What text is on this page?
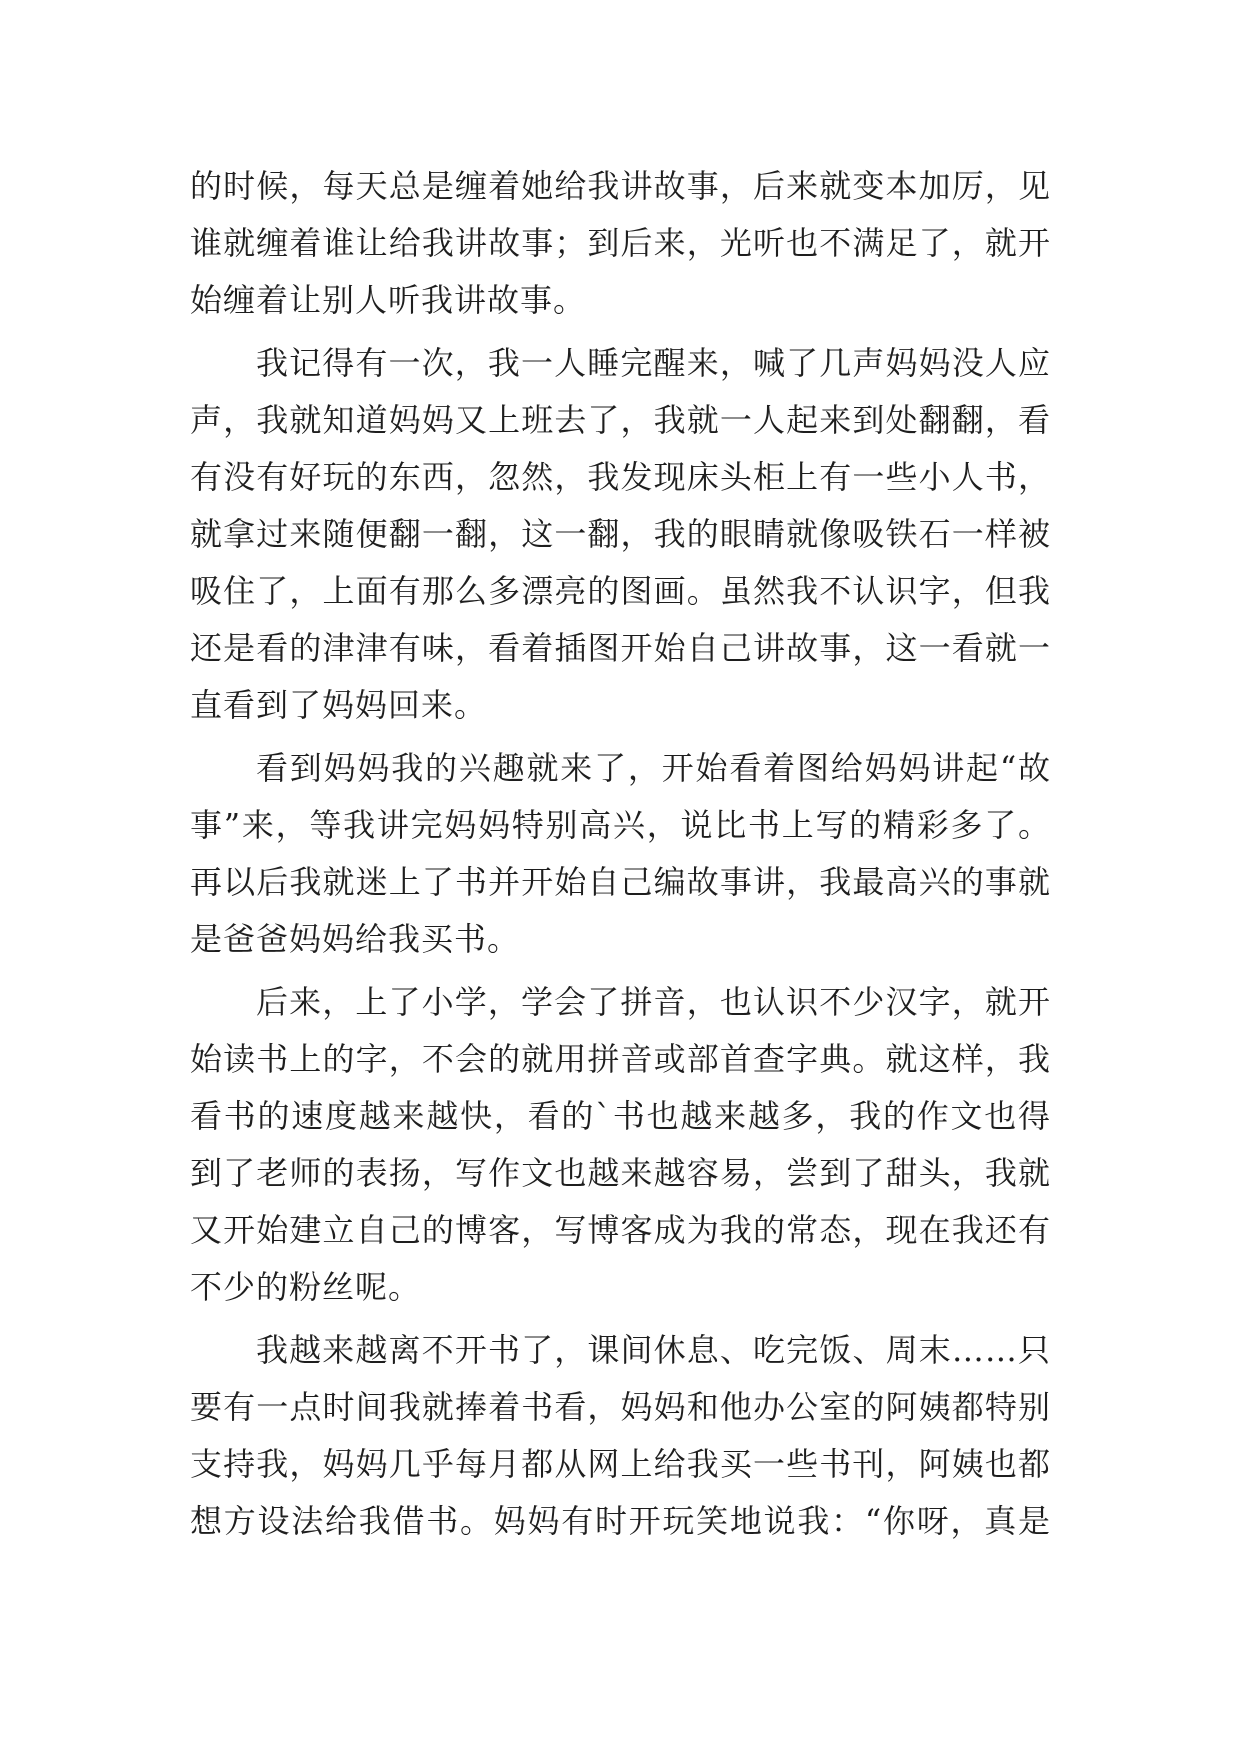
的时候，每天总是缠着她给我讲故事，后来就变本加厉，见
谁就缠着谁让给我讲故事；到后来，光听也不满足了，就开
始缠着让别人听我讲故事。
我记得有一次，我一人睡完醒来，喊了几声妈妈没人应
声，我就知道妈妈又上班去了，我就一人起来到处翻翻，看
有没有好玩的东西，忽然，我发现床头柜上有一些小人书，
就拿过来随便翻一翻，这一翻，我的眼睛就像吸铁石一样被
吸住了，上面有那么多漂亮的图画。虽然我不认识字，但我
还是看的津津有味，看着插图开始自己讲故事，这一看就一
直看到了妈妈回来。
看到妈妈我的兴趣就来了，开始看着图给妈妈讲起“故
事”来，等我讲完妈妈特别高兴，说比书上写的精彩多了。
再以后我就迷上了书并开始自己编故事讲，我最高兴的事就
是爸爸妈妈给我买书。
后来，上了小学，学会了拼音，也认识不少汉字，就开
始读书上的字，不会的就用拼音或部首查字典。就这样，我
看书的速度越来越快，看的`书也越来越多，我的作文也得
到了老师的表扬，写作文也越来越容易，尝到了甜头，我就
又开始建立自己的博客，写博客成为我的常态，现在我还有
不少的粉丝呢。
我越来越离不开书了，课间休息、吃完饭、周末……只
要有一点时间我就捧着书看，妈妈和他办公室的阿姨都特别
支持我，妈妈几乎每月都从网上给我买一些书刊，阿姨也都
想方设法给我借书。妈妈有时开玩笑地说我：“你呀，真是
